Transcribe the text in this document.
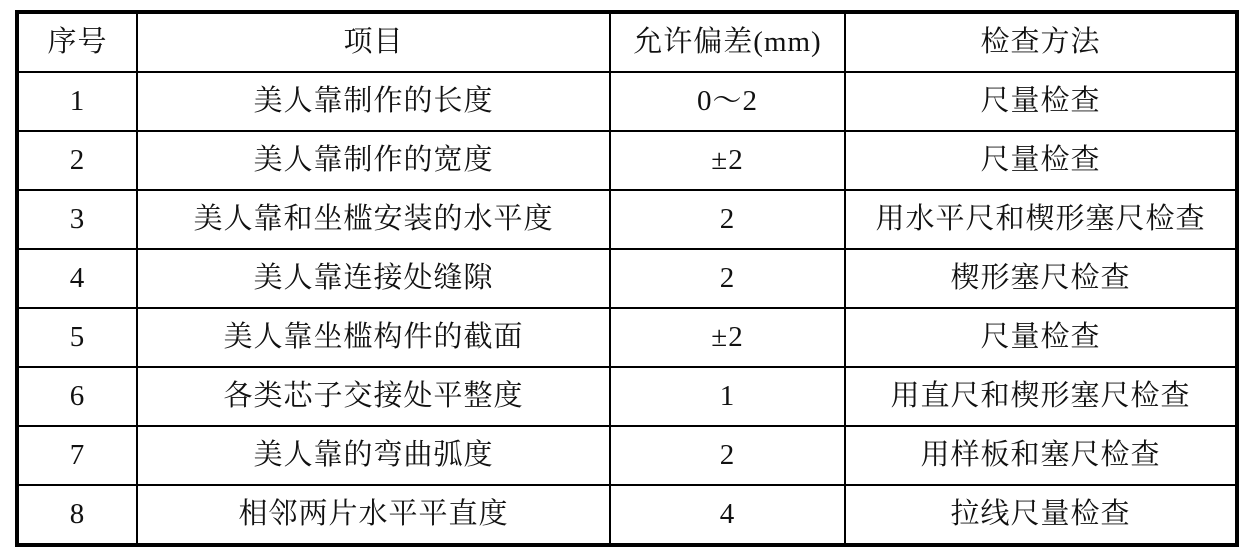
序号	项目	允许偏差(mm)	检查方法
1	美人靠制作的长度	0～2	尺量检查
2	美人靠制作的宽度	±2	尺量检查
3	美人靠和坐槛安装的水平度	2	用水平尺和楔形塞尺检查
4	美人靠连接处缝隙	2	楔形塞尺检查
5	美人靠坐槛构件的截面	±2	尺量检查
6	各类芯子交接处平整度	1	用直尺和楔形塞尺检查
7	美人靠的弯曲弧度	2	用样板和塞尺检查
8	相邻两片水平平直度	4	拉线尺量检查
